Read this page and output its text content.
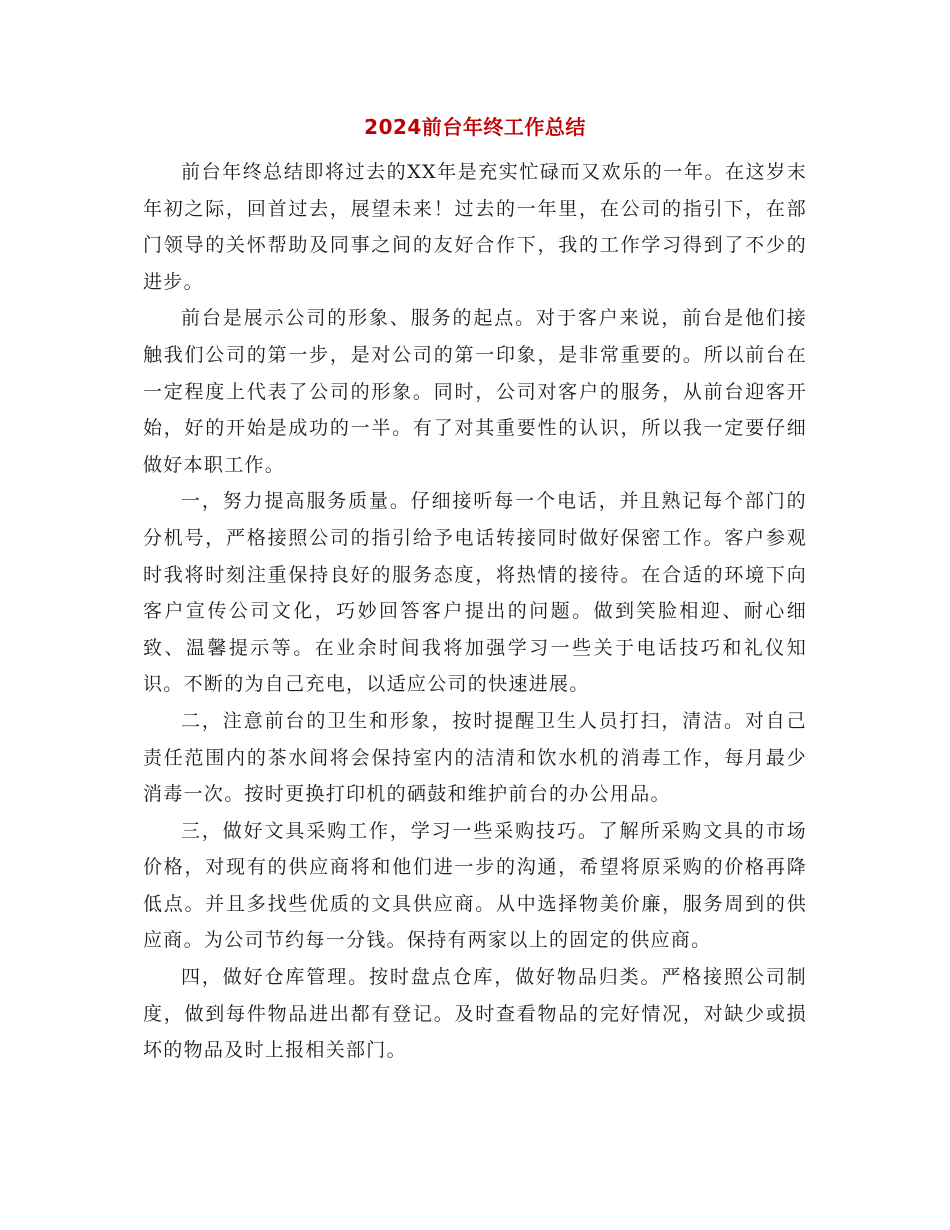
2024前台年终工作总结

前台年终总结即将过去的XX年是充实忙碌而又欢乐的一年。在这岁末年初之际，回首过去，展望未来！过去的一年里，在公司的指引下，在部门领导的关怀帮助及同事之间的友好合作下，我的工作学习得到了不少的进步。

前台是展示公司的形象、服务的起点。对于客户来说，前台是他们接触我们公司的第一步，是对公司的第一印象，是非常重要的。所以前台在一定程度上代表了公司的形象。同时，公司对客户的服务，从前台迎客开始，好的开始是成功的一半。有了对其重要性的认识，所以我一定要仔细做好本职工作。

一，努力提高服务质量。仔细接听每一个电话，并且熟记每个部门的分机号，严格接照公司的指引给予电话转接同时做好保密工作。客户参观时我将时刻注重保持良好的服务态度，将热情的接待。在合适的环境下向客户宣传公司文化，巧妙回答客户提出的问题。做到笑脸相迎、耐心细致、温馨提示等。在业余时间我将加强学习一些关于电话技巧和礼仪知识。不断的为自己充电，以适应公司的快速进展。

二，注意前台的卫生和形象，按时提醒卫生人员打扫，清洁。对自己责任范围内的茶水间将会保持室内的洁清和饮水机的消毒工作，每月最少消毒一次。按时更换打印机的硒鼓和维护前台的办公用品。

三，做好文具采购工作，学习一些采购技巧。了解所采购文具的市场价格，对现有的供应商将和他们进一步的沟通，希望将原采购的价格再降低点。并且多找些优质的文具供应商。从中选择物美价廉，服务周到的供应商。为公司节约每一分钱。保持有两家以上的固定的供应商。

四，做好仓库管理。按时盘点仓库，做好物品归类。严格接照公司制度，做到每件物品进出都有登记。及时查看物品的完好情况，对缺少或损坏的物品及时上报相关部门。
